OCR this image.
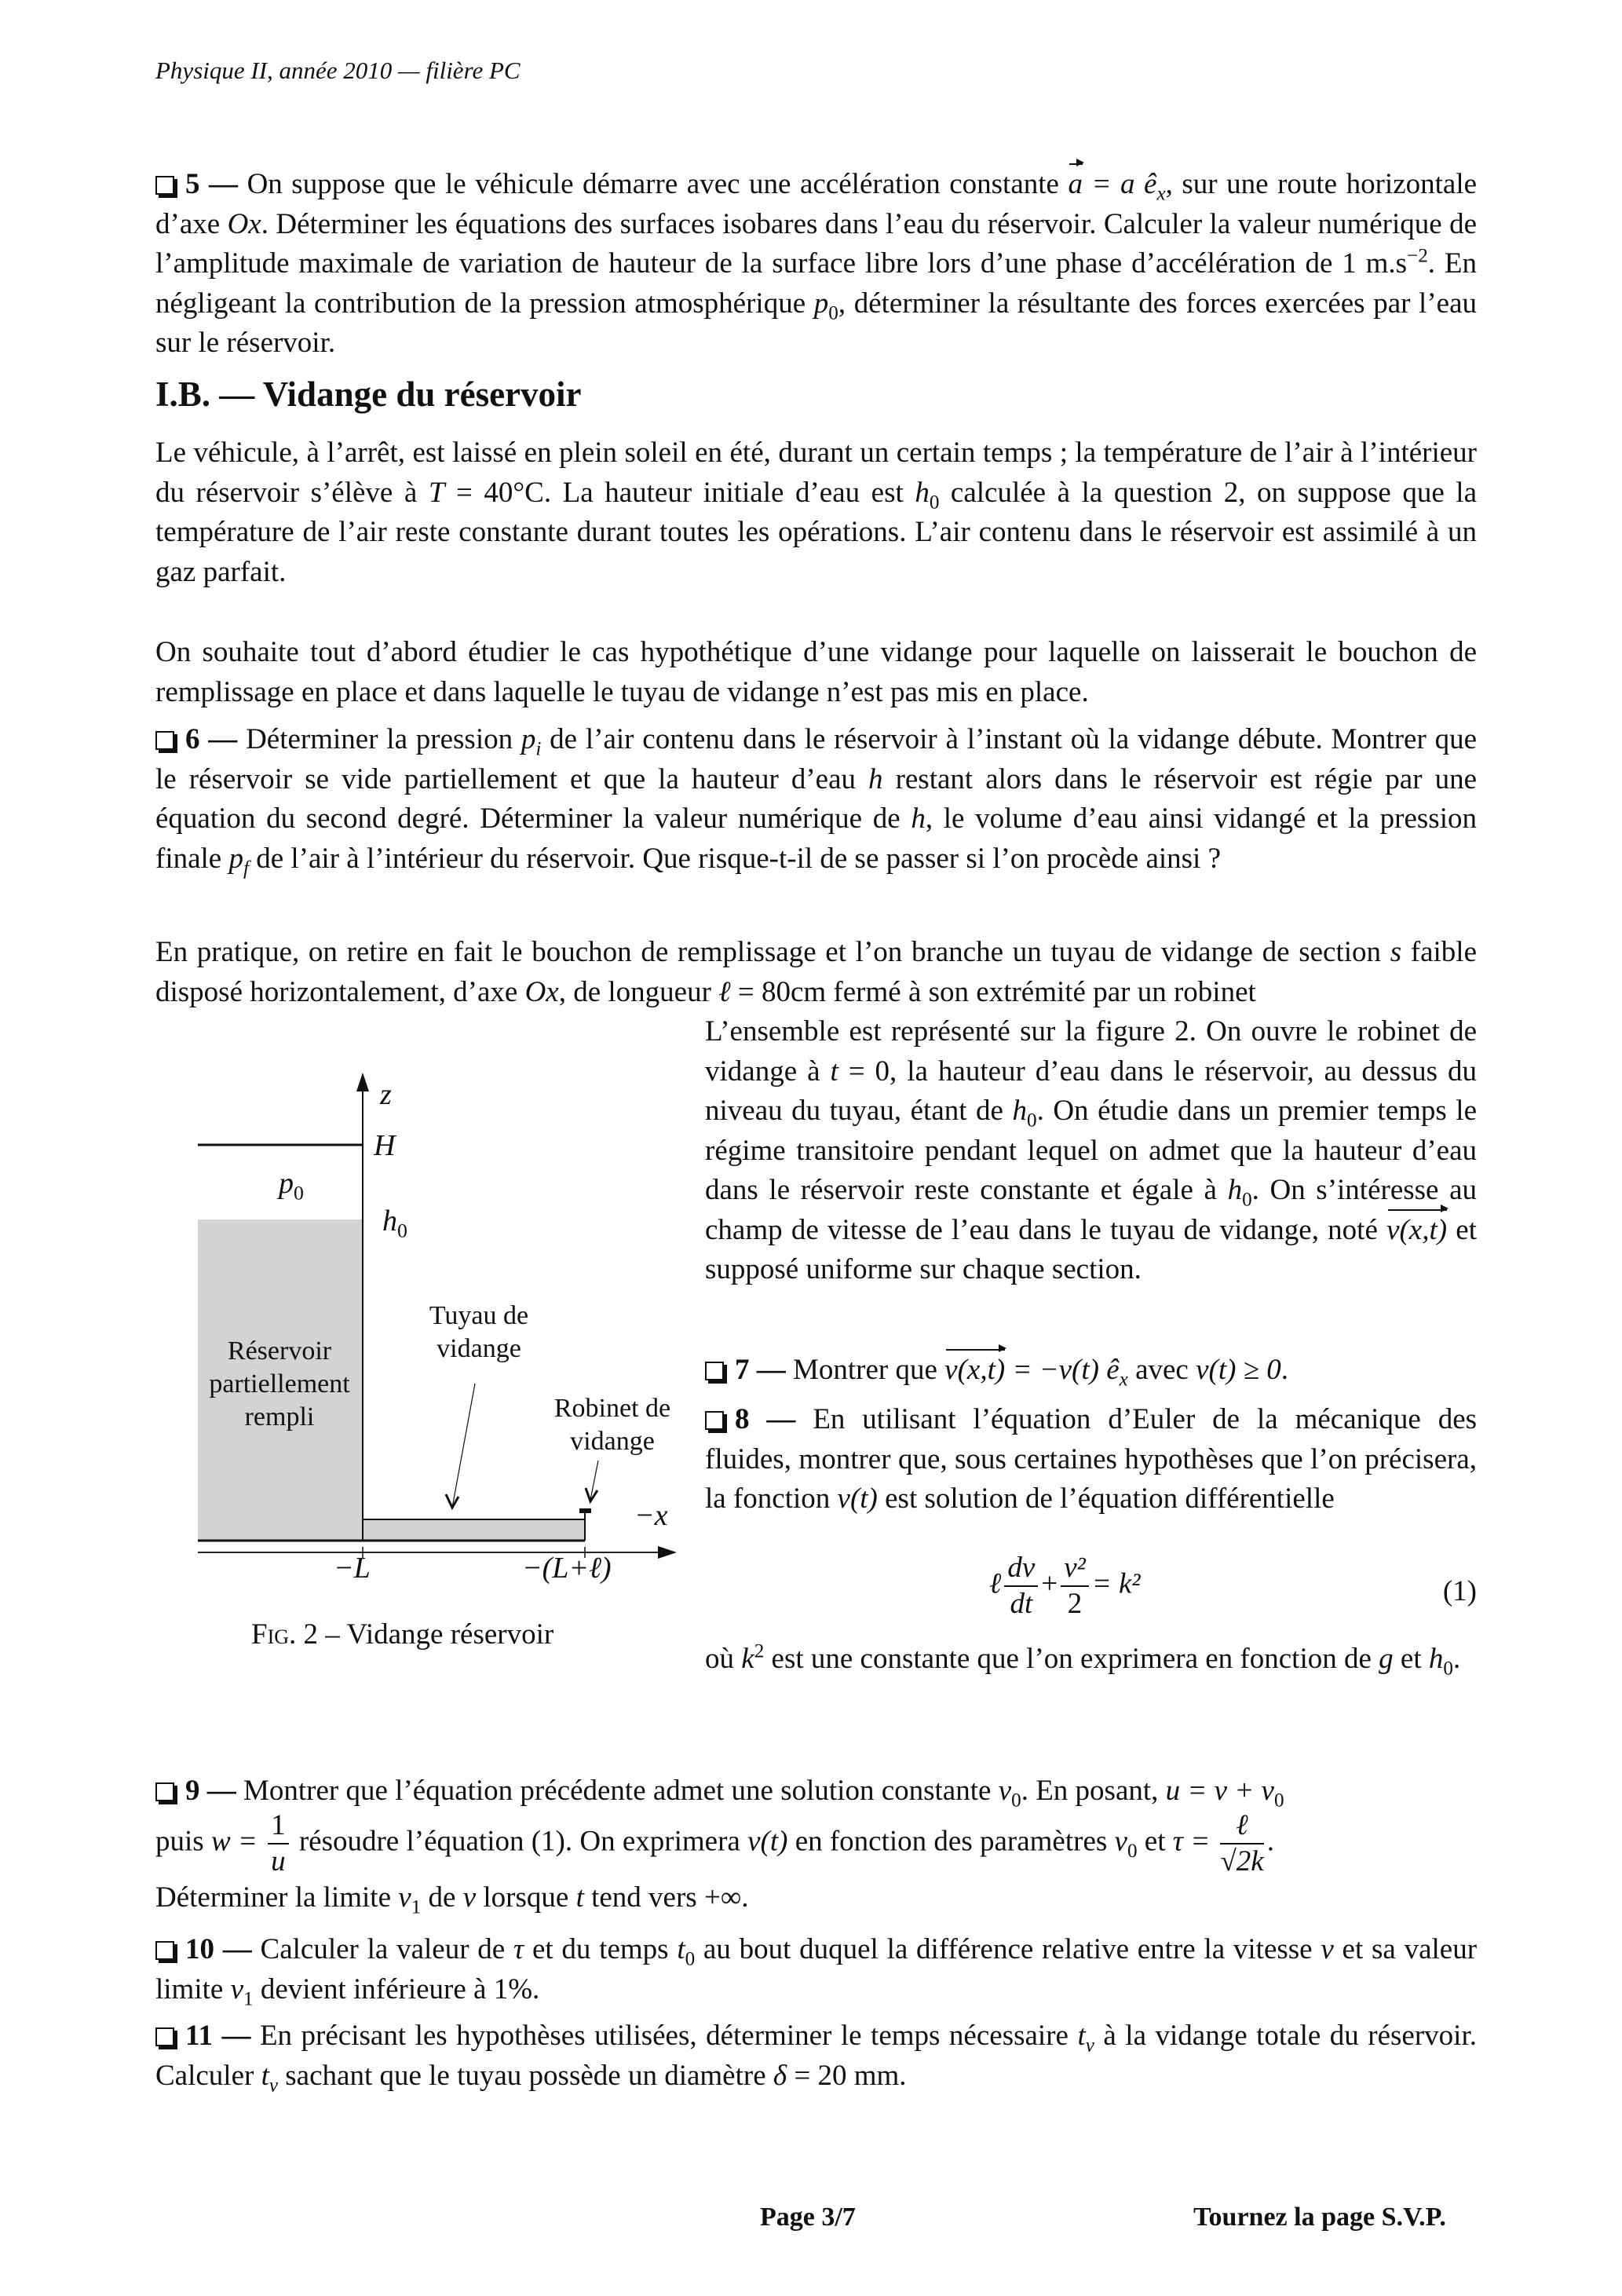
Physique II, année 2010 — filière PC
5 — On suppose que le véhicule démarre avec une accélération constante a = a $ê_x$, sur une route horizontale d’axe Ox. Déterminer les équations des surfaces isobares dans l’eau du réservoir. Calculer la valeur numérique de l’amplitude maximale de variation de hauteur de la surface libre lors d’une phase d’accélération de 1 $m.s^{-2}$. En négligeant la contribution de la pression atmosphérique $p_0$, déterminer la résultante des forces exercées par l’eau sur le réservoir.
I.B. — Vidange du réservoir
Le véhicule, à l’arrêt, est laissé en plein soleil en été, durant un certain temps ; la température de l’air à l’intérieur du réservoir s’élève à T = 40°C. La hauteur initiale d’eau est $h_0$ calculée à la question 2, on suppose que la température de l’air reste constante durant toutes les opérations. L’air contenu dans le réservoir est assimilé à un gaz parfait.
On souhaite tout d’abord étudier le cas hypothétique d’une vidange pour laquelle on laisserait le bouchon de remplissage en place et dans laquelle le tuyau de vidange n’est pas mis en place.
6 — Déterminer la pression $p_i$ de l’air contenu dans le réservoir à l’instant où la vidange débute. Montrer que le réservoir se vide partiellement et que la hauteur d’eau h restant alors dans le réservoir est régie par une équation du second degré. Déterminer la valeur numérique de h, le volume d’eau ainsi vidangé et la pression finale $p_f$ de l’air à l’intérieur du réservoir. Que risque-t-il de se passer si l’on procède ainsi ?
En pratique, on retire en fait le bouchon de remplissage et l’on branche un tuyau de vidange de section s faible disposé horizontalement, d’axe Ox, de longueur ℓ = 80cm fermé à son extrémité par un robinet
L’ensemble est représenté sur la figure 2. On ouvre le robinet de vidange à t = 0, la hauteur d’eau dans le réservoir, au dessus du niveau du tuyau, étant de $h_0$. On étudie dans un premier temps le régime transitoire pendant lequel on admet que la hauteur d’eau dans le réservoir reste constante et égale à $h_0$. On s’intéresse au champ de vitesse de l’eau dans le tuyau de vidange, noté v(x,t) et supposé uniforme sur chaque section.
7 — Montrer que v(x,t) = −v(t) $ê_x$ avec v(t) ≥ 0.
8 — En utilisant l’équation d’Euler de la mécanique des fluides, montrer que, sous certaines hypothèses que l’on précisera, la fonction v(t) est solution de l’équation différentielle
ℓ $\frac{dv}{dt} + \frac{\text{v²}}{2} = k^2$	(1)
où $k^2$ est une constante que l’on exprimera en fonction de g et $h_0$.
z
H
$p_0$
$h_0$
Réservoir partiellement rempli
Tuyau de vidange
Robinet de vidange
−x
−L	−(L+ℓ)
Fig. 2 – Vidange réservoir
9 — Montrer que l’équation précédente admet une solution constante $v_0$. En posant, $u = v + v_0$
puis $w = \frac{1}{u}$ résoudre l’équation (1). On exprimera v(t) en fonction des paramètres $v_0$ et $\tau = \frac{\text{ℓ}}{√2k}$ .
Déterminer la limite $v_1$ de v lorsque t tend vers +∞.
10 — Calculer la valeur de τ et du temps $t_0$ au bout duquel la différence relative entre la vitesse v et sa valeur limite $v_1$ devient inférieure à 1%.
11 — En précisant les hypothèses utilisées, déterminer le temps nécessaire $t_v$ à la vidange totale du réservoir. Calculer $t_v$ sachant que le tuyau possède un diamètre δ = 20 mm.
Page 3/7	Tournez la page S.V.P.
